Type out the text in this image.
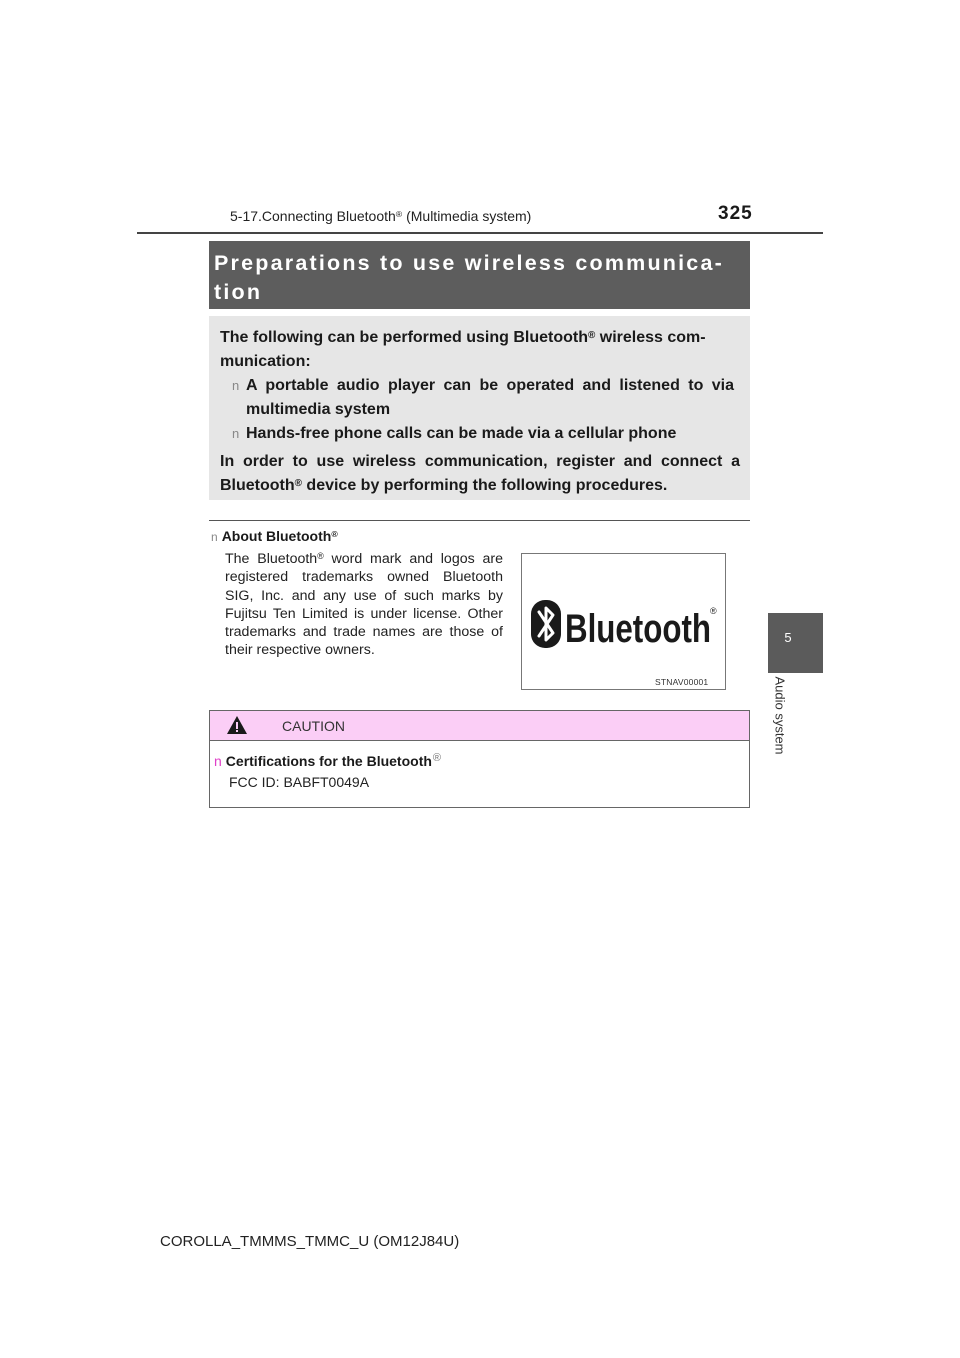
5-17.Connecting Bluetooth® (Multimedia system)	325
5
Audio system
Preparations to use wireless communica-tion
The following can be performed using Bluetooth® wireless com-munication:
n A portable audio player can be operated and listened to via multimedia system
n Hands-free phone calls can be made via a cellular phone
In order to use wireless communication, register and connect a Bluetooth® device by performing the following procedures.
n About Bluetooth®
The Bluetooth® word mark and logos are registered trademarks owned Bluetooth SIG, Inc. and any use of such marks by Fujitsu Ten Limited is under license. Other trademarks and trade names are those of their respective owners.	Bluetooth ®
STNAV00001
CAUTION
n Certifications for the Bluetooth®
FCC ID: BABFT0049A
COROLLA_TMMMS_TMMC_U (OM12J84U)
